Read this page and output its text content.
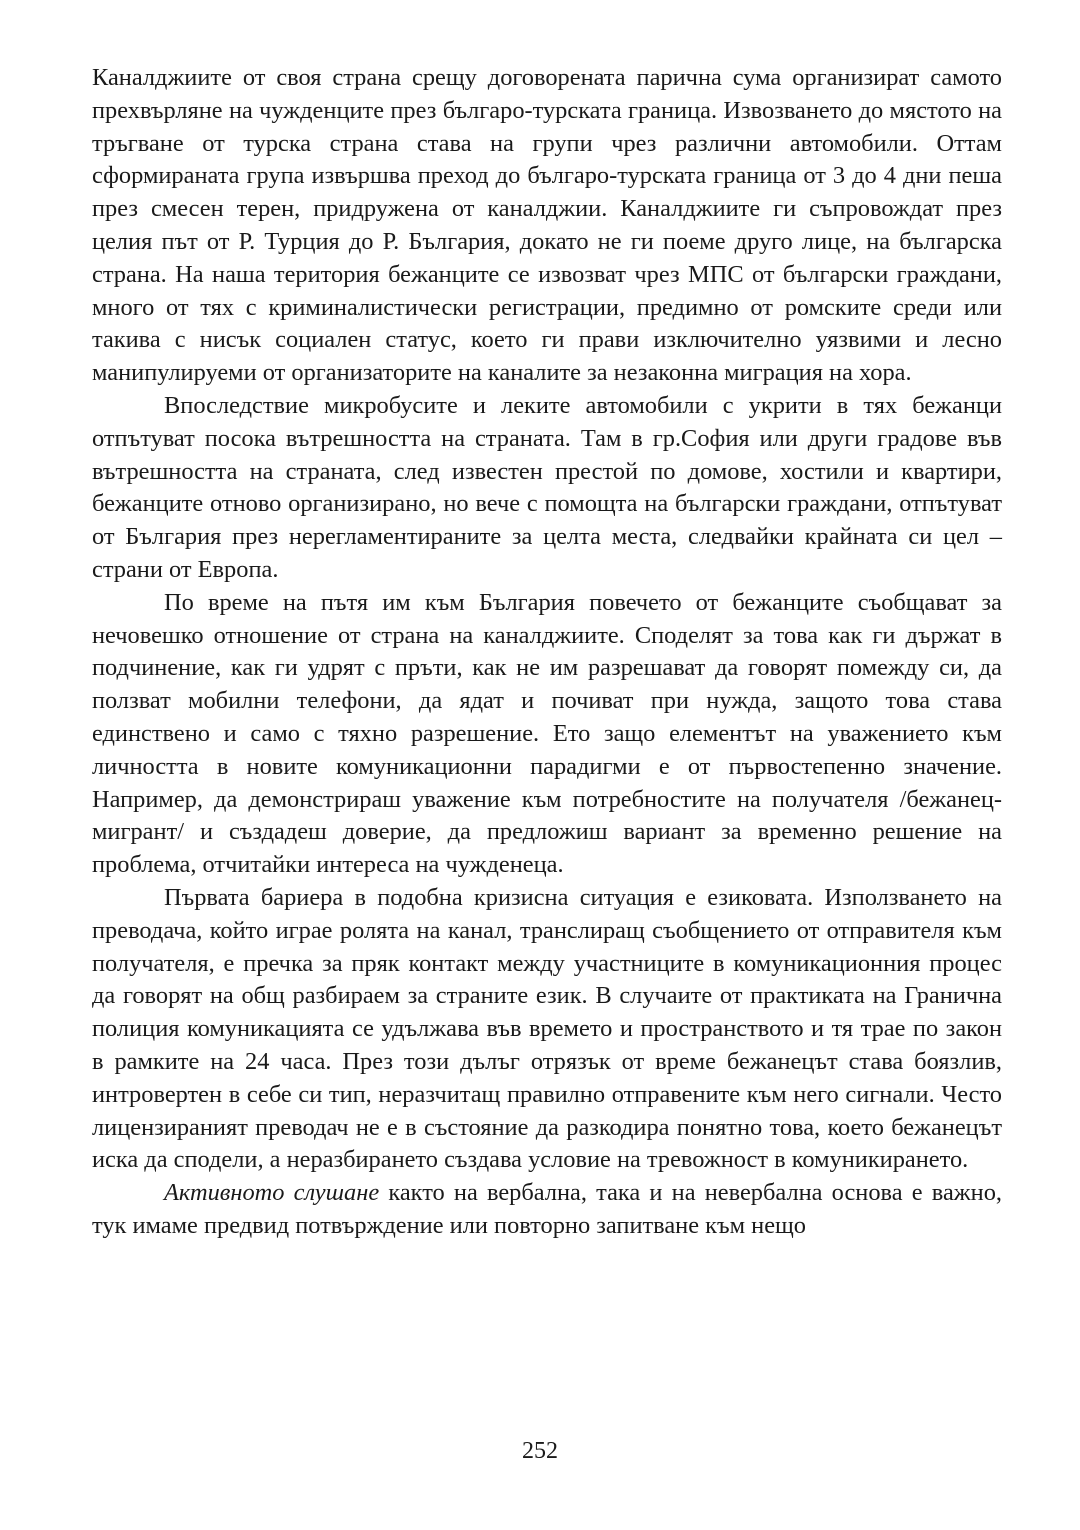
Каналджиите от своя страна срещу договорената парична сума организират самото прехвърляне на чужденците през българо-турската граница. Извозването до мястото на тръгване от турска страна става на групи чрез различни автомобили. Оттам сформираната група извършва преход до българо-турската граница от 3 до 4 дни пеша през смесен терен, придружена от каналджии. Каналджиите ги съпровождат през целия път от Р. Турция до Р. България, докато не ги поеме друго лице, на българска страна. На наша територия бежанците се извозват чрез МПС от български граждани, много от тях с криминалистически регистрации, предимно от ромските среди или такива с нисък социален статус, което ги прави изключително уязвими и лесно манипулируеми от организаторите на каналите за незаконна миграция на хора.

Впоследствие микробусите и леките автомобили с укрити в тях бежанци отпътуват посока вътрешността на страната. Там в гр.София или други градове във вътрешността на страната, след известен престой по домове, хостили и квартири, бежанците отново организирано, но вече с помощта на български граждани, отпътуват от България през нерегламентираните за целта места, следвайки крайната си цел – страни от Европа.

По време на пътя им към България повечето от бежанците съобщават за нечовешко отношение от страна на каналджиите. Споделят за това как ги държат в подчинение, как ги удрят с пръти, как не им разрешават да говорят помежду си, да ползват мобилни телефони, да ядат и почиват при нужда, защото това става единствено и само с тяхно разрешение. Ето защо елементът на уважението към личността в новите комуникационни парадигми е от първостепенно значение. Например, да демонстрираш уважение към потребностите на получателя /бежанец-мигрант/ и създадеш доверие, да предложиш вариант за временно решение на проблема, отчитайки интереса на чужденеца.

Първата бариера в подобна кризисна ситуация е езиковата. Използването на преводача, който играе ролята на канал, транслиращ съобщението от отправителя към получателя, е пречка за пряк контакт между участниците в комуникационния процес да говорят на общ разбираем за страните език. В случаите от практиката на Гранична полиция комуникацията се удължава във времето и пространството и тя трае по закон в рамките на 24 часа. През този дълъг отрязък от време бежанецът става боязлив, интровертен в себе си тип, неразчитащ правилно отправените към него сигнали. Често лицензираният преводач не е в състояние да разкодира понятно това, което бежанецът иска да сподели, а неразбирането създава условие на тревожност в комуникирането.

Активното слушане както на вербална, така и на невербална основа е важно, тук имаме предвид потвърждение или повторно запитване към нещо

252
